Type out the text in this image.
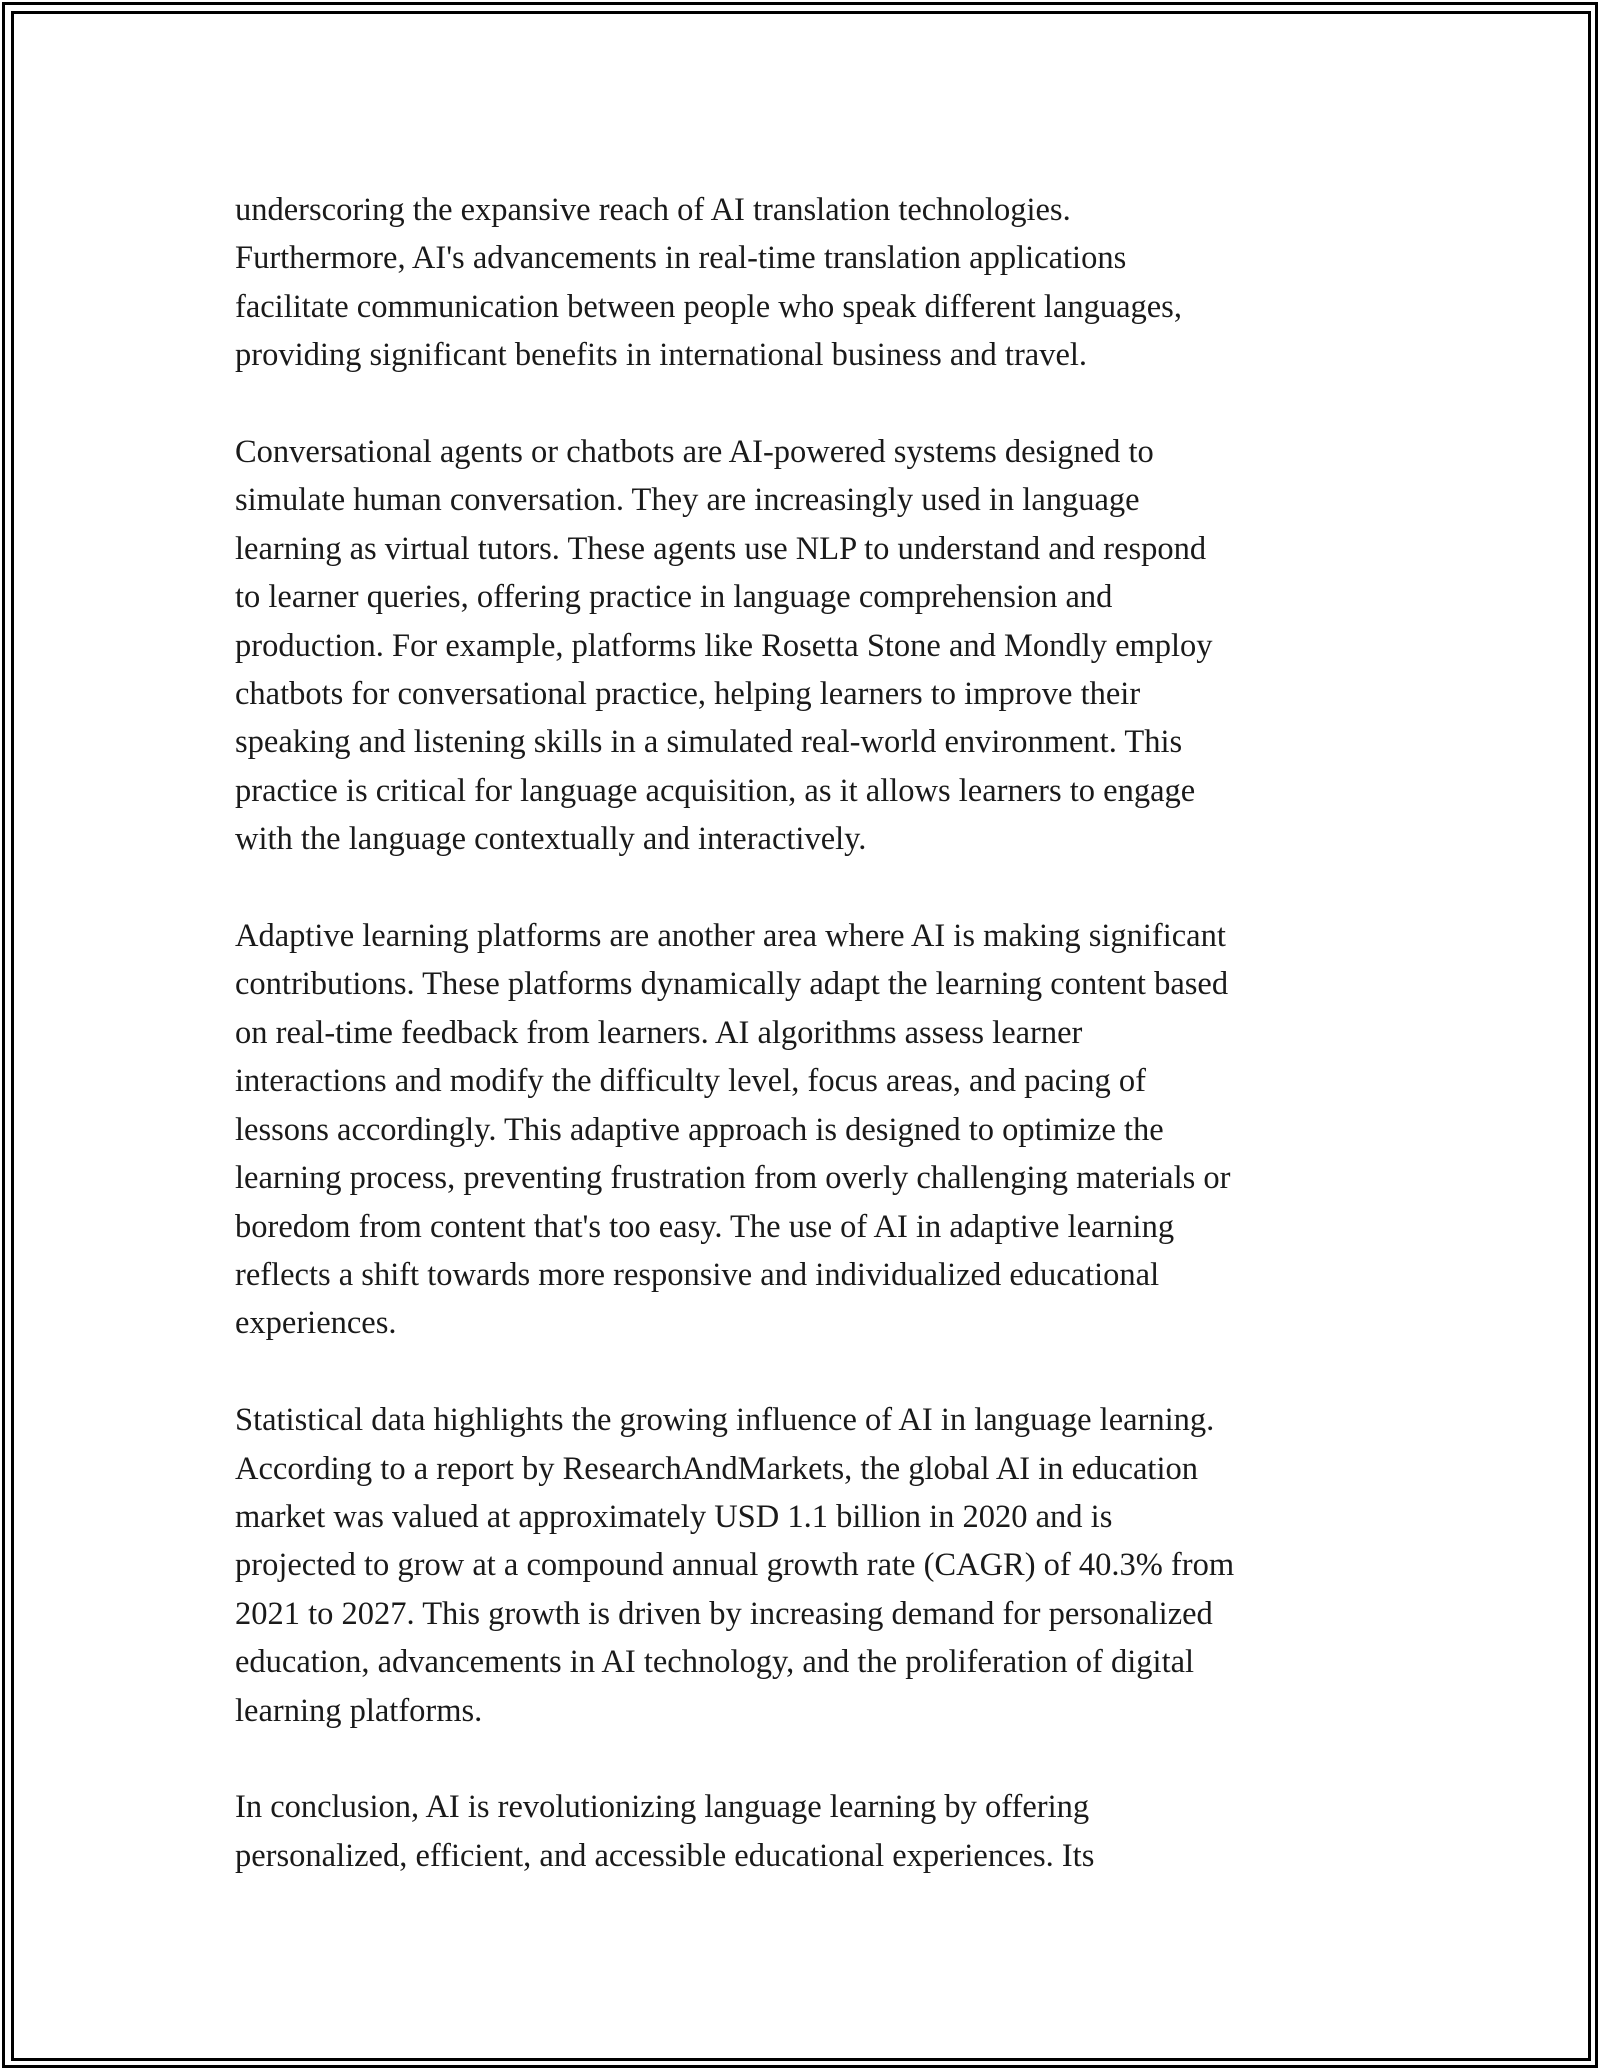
underscoring the expansive reach of AI translation technologies.
Furthermore, AI's advancements in real-time translation applications
facilitate communication between people who speak different languages,
providing significant benefits in international business and travel.
Conversational agents or chatbots are AI-powered systems designed to
simulate human conversation. They are increasingly used in language
learning as virtual tutors. These agents use NLP to understand and respond
to learner queries, offering practice in language comprehension and
production. For example, platforms like Rosetta Stone and Mondly employ
chatbots for conversational practice, helping learners to improve their
speaking and listening skills in a simulated real-world environment. This
practice is critical for language acquisition, as it allows learners to engage
with the language contextually and interactively.
Adaptive learning platforms are another area where AI is making significant
contributions. These platforms dynamically adapt the learning content based
on real-time feedback from learners. AI algorithms assess learner
interactions and modify the difficulty level, focus areas, and pacing of
lessons accordingly. This adaptive approach is designed to optimize the
learning process, preventing frustration from overly challenging materials or
boredom from content that's too easy. The use of AI in adaptive learning
reflects a shift towards more responsive and individualized educational
experiences.
Statistical data highlights the growing influence of AI in language learning.
According to a report by ResearchAndMarkets, the global AI in education
market was valued at approximately USD 1.1 billion in 2020 and is
projected to grow at a compound annual growth rate (CAGR) of 40.3% from
2021 to 2027. This growth is driven by increasing demand for personalized
education, advancements in AI technology, and the proliferation of digital
learning platforms.
In conclusion, AI is revolutionizing language learning by offering
personalized, efficient, and accessible educational experiences. Its
